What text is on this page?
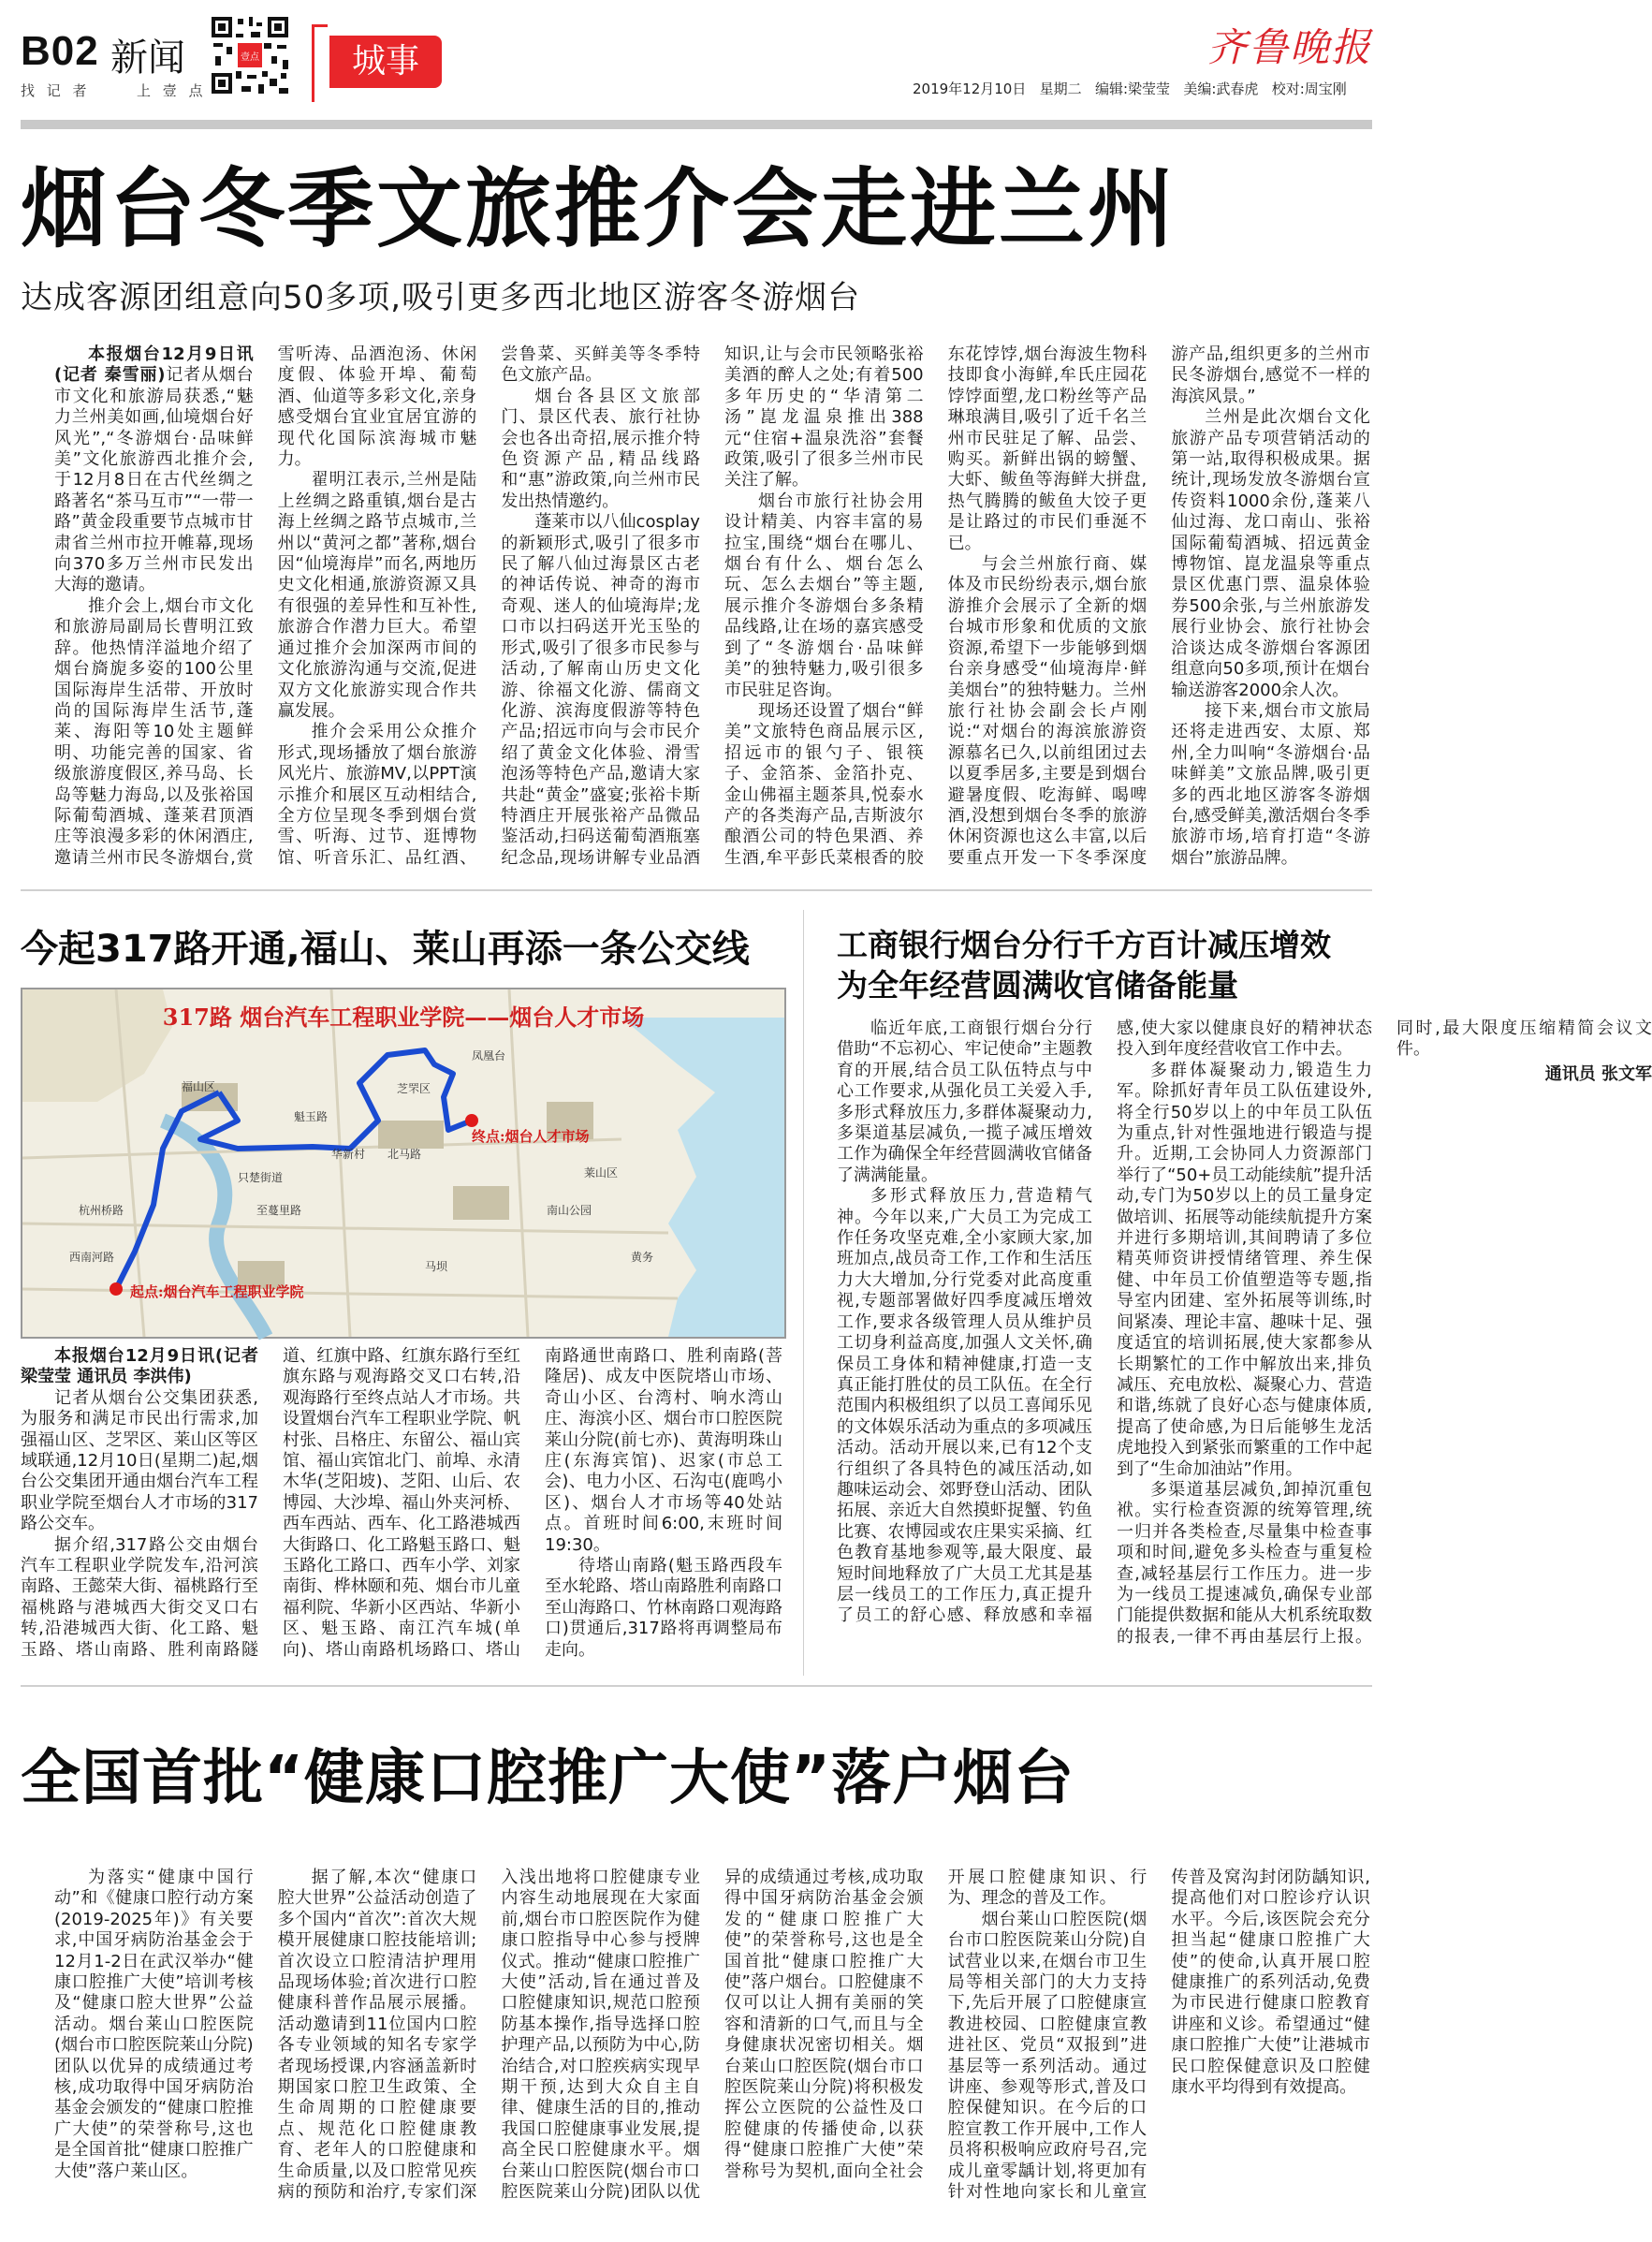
B02 新闻	壹点	城事
找 记 者	上 壹 点	2019年12月10日 星期二 编辑:梁莹莹 美编:武春虎 校对:周宝刚
齐鲁晚报
烟台冬季文旅推介会走进兰州
达成客源团组意向50多项,吸引更多西北地区游客冬游烟台

本报烟台12月9日讯(记者 秦雪丽)记者从烟台市文化和旅游局获悉,“魅力兰州美如画,仙境烟台好风光”,“冬游烟台·品味鲜美”文化旅游西北推介会,于12月8日在古代丝绸之路著名“茶马互市”“一带一路”黄金段重要节点城市甘肃省兰州市拉开帷幕,现场向370多万兰州市民发出大海的邀请。

推介会上,烟台市文化和旅游局副局长曹明江致辞。他热情洋溢地介绍了烟台旖旎多姿的100公里国际海岸生活带、开放时尚的国际海岸生活节,蓬莱、海阳等10处主题鲜明、功能完善的国家、省级旅游度假区,养马岛、长岛等魅力海岛,以及张裕国际葡萄酒城、蓬莱君顶酒庄等浪漫多彩的休闲酒庄,邀请兰州市民冬游烟台,赏雪听涛、品酒泡汤、休闲度假、体验开埠、葡萄酒、仙道等多彩文化,亲身感受烟台宜业宜居宜游的现代化国际滨海城市魅力。

翟明江表示,兰州是陆上丝绸之路重镇,烟台是古海上丝绸之路节点城市,兰州以“黄河之都”著称,烟台因“仙境海岸”而名,两地历史文化相通,旅游资源又具有很强的差异性和互补性,旅游合作潜力巨大。希望通过推介会加深两市间的文化旅游沟通与交流,促进双方文化旅游实现合作共赢发展。

推介会采用公众推介形式,现场播放了烟台旅游风光片、旅游MV,以PPT演示推介和展区互动相结合,全方位呈现冬季到烟台赏雪、听海、过节、逛博物馆、听音乐汇、品红酒、尝鲁菜、买鲜美等冬季特色文旅产品。

烟台各县区文旅部门、景区代表、旅行社协会也各出奇招,展示推介特色资源产品,精品线路和“惠”游政策,向兰州市民发出热情邀约。

蓬莱市以八仙cosplay的新颖形式,吸引了很多市民了解八仙过海景区古老的神话传说、神奇的海市奇观、迷人的仙境海岸;龙口市以扫码送开光玉坠的形式,吸引了很多市民参与活动,了解南山历史文化游、徐福文化游、儒商文化游、滨海度假游等特色产品;招远市向与会市民介绍了黄金文化体验、滑雪泡汤等特色产品,邀请大家共赴“黄金”盛宴;张裕卡斯特酒庄开展张裕产品微品鉴活动,扫码送葡萄酒瓶塞纪念品,现场讲解专业品酒知识,让与会市民领略张裕美酒的醉人之处;有着500多年历史的“华清第二汤”崑龙温泉推出388元“住宿+温泉洗浴”套餐政策,吸引了很多兰州市民关注了解。

烟台市旅行社协会用设计精美、内容丰富的易拉宝,围绕“烟台在哪儿、烟台有什么、烟台怎么玩、怎么去烟台”等主题,展示推介冬游烟台多条精品线路,让在场的嘉宾感受到了“冬游烟台·品味鲜美”的独特魅力,吸引很多市民驻足咨询。

现场还设置了烟台“鲜美”文旅特色商品展示区,招远市的银勺子、银筷子、金箔茶、金箔扑克、金山佛福主题茶具,悦泰水产的各类海产品,吉斯波尔酿酒公司的特色果酒、养生酒,牟平彭氏菜根香的胶东花饽饽,烟台海波生物科技即食小海鲜,牟氏庄园花饽饽面塑,龙口粉丝等产品琳琅满目,吸引了近千名兰州市民驻足了解、品尝、购买。新鲜出锅的螃蟹、大虾、鲅鱼等海鲜大拼盘,热气腾腾的鲅鱼大饺子更是让路过的市民们垂涎不已。

与会兰州旅行商、媒体及市民纷纷表示,烟台旅游推介会展示了全新的烟台城市形象和优质的文旅资源,希望下一步能够到烟台亲身感受“仙境海岸·鲜美烟台”的独特魅力。兰州旅行社协会副会长卢刚说:“对烟台的海滨旅游资源慕名已久,以前组团过去以夏季居多,主要是到烟台避暑度假、吃海鲜、喝啤酒,没想到烟台冬季的旅游休闲资源也这么丰富,以后要重点开发一下冬季深度游产品,组织更多的兰州市民冬游烟台,感觉不一样的海滨风景。”

兰州是此次烟台文化旅游产品专项营销活动的第一站,取得积极成果。据统计,现场发放冬游烟台宣传资料1000余份,蓬莱八仙过海、龙口南山、张裕国际葡萄酒城、招远黄金博物馆、崑龙温泉等重点景区优惠门票、温泉体验券500余张,与兰州旅游发展行业协会、旅行社协会洽谈达成冬游烟台客源团组意向50多项,预计在烟台输送游客2000余人次。

接下来,烟台市文旅局还将走进西安、太原、郑州,全力叫响“冬游烟台·品味鲜美”文旅品牌,吸引更多的西北地区游客冬游烟台,感受鲜美,激活烟台冬季旅游市场,培育打造“冬游烟台”旅游品牌。

今起317路开通,福山、莱山再添一条公交线
起点:烟台汽车工程职业学院
终点:烟台人才市场
福山区	芝罘区
莱山区
北马路
华新村
魁玉路
只楚街道
至蔓里路
杭州桥路
西南河路
凤凰台
南山公园
马坝
黄务
317路 烟台汽车工程职业学院——烟台人才市场

本报烟台12月9日讯(记者 梁莹莹 通讯员 李洪伟)

记者从烟台公交集团获悉,为服务和满足市民出行需求,加强福山区、芝罘区、莱山区等区域联通,12月10日(星期二)起,烟台公交集团开通由烟台汽车工程职业学院至烟台人才市场的317路公交车。

据介绍,317路公交由烟台汽车工程职业学院发车,沿河滨南路、王懿荣大街、福桃路行至福桃路与港城西大街交叉口右转,沿港城西大街、化工路、魁玉路、塔山南路、胜利南路隧道、红旗中路、红旗东路行至红旗东路与观海路交叉口右转,沿观海路行至终点站人才市场。共设置烟台汽车工程职业学院、帆村张、吕格庄、东留公、福山宾馆、福山宾馆北门、前埠、永清木华(芝阳坡)、芝阳、山后、农博园、大沙埠、福山外夹河桥、西车西站、西车、化工路港城西大街路口、化工路魁玉路口、魁玉路化工路口、西车小学、刘家南街、桦林颐和苑、烟台市儿童福利院、华新小区西站、华新小区、魁玉路、南江汽车城(单向)、塔山南路机场路口、塔山南路通世南路口、胜利南路(菩隆居)、成友中医院塔山市场、奇山小区、台湾村、响水湾山庄、海滨小区、烟台市口腔医院莱山分院(前七亦)、黄海明珠山庄(东海宾馆)、迟家(市总工会)、电力小区、石沟屯(鹿鸣小区)、烟台人才市场等40处站点。首班时间6:00,末班时间19:30。

待塔山南路(魁玉路西段车至水轮路、塔山南路胜利南路口至山海路口、竹林南路口观海路口)贯通后,317路将再调整局布走向。

工商银行烟台分行千方百计减压增效
为全年经营圆满收官储备能量

临近年底,工商银行烟台分行借助“不忘初心、牢记使命”主题教育的开展,结合员工队伍特点与中心工作要求,从强化员工关爱入手,多形式释放压力,多群体凝聚动力,多渠道基层减负,一揽子减压增效工作为确保全年经营圆满收官储备了满满能量。

多形式释放压力,营造精气神。今年以来,广大员工为完成工作任务攻坚克难,全小家顾大家,加班加点,战员奇工作,工作和生活压力大大增加,分行党委对此高度重视,专题部署做好四季度减压增效工作,要求各级管理人员从维护员工切身利益高度,加强人文关怀,确保员工身体和精神健康,打造一支真正能打胜仗的员工队伍。在全行范围内积极组织了以员工喜闻乐见的文体娱乐活动为重点的多项减压活动。活动开展以来,已有12个支行组织了各具特色的减压活动,如趣味运动会、郊野登山活动、团队拓展、亲近大自然摸虾捉蟹、钓鱼比赛、农博园或农庄果实采摘、红色教育基地参观等,最大限度、最短时间地释放了广大员工尤其是基层一线员工的工作压力,真正提升了员工的舒心感、释放感和幸福感,使大家以健康良好的精神状态投入到年度经营收官工作中去。

多群体凝聚动力,锻造生力军。除抓好青年员工队伍建设外,将全行50岁以上的中年员工队伍为重点,针对性强地进行锻造与提升。近期,工会协同人力资源部门举行了“50+员工动能续航”提升活动,专门为50岁以上的员工量身定做培训、拓展等动能续航提升方案并进行多期培训,其间聘请了多位精英师资讲授情绪管理、养生保健、中年员工价值塑造等专题,指导室内团建、室外拓展等训练,时间紧凑、理论丰富、趣味十足、强度适宜的培训拓展,使大家都参从长期繁忙的工作中解放出来,排负减压、充电放松、凝聚心力、营造和谐,练就了良好心态与健康体质,提高了使命感,为日后能够生龙活虎地投入到紧张而繁重的工作中起到了“生命加油站”作用。

多渠道基层减负,卸掉沉重包袱。实行检查资源的统筹管理,统一归并各类检查,尽量集中检查事项和时间,避免多头检查与重复检查,减轻基层行工作压力。进一步为一线员工提速减负,确保专业部门能提供数据和能从大机系统取数的报表,一律不再由基层行上报。同时,最大限度压缩精简会议文件。

通讯员 张文军
全国首批“健康口腔推广大使”落户烟台

为落实“健康中国行动”和《健康口腔行动方案(2019-2025年)》有关要求,中国牙病防治基金会于12月1-2日在武汉举办“健康口腔推广大使”培训考核及“健康口腔大世界”公益活动。烟台莱山口腔医院(烟台市口腔医院莱山分院)团队以优异的成绩通过考核,成功取得中国牙病防治基金会颁发的“健康口腔推广大使”的荣誉称号,这也是全国首批“健康口腔推广大使”落户莱山区。

据了解,本次“健康口腔大世界”公益活动创造了多个国内“首次”:首次大规模开展健康口腔技能培训;首次设立口腔清洁护理用品现场体验;首次进行口腔健康科普作品展示展播。活动邀请到11位国内口腔各专业领域的知名专家学者现场授课,内容涵盖新时期国家口腔卫生政策、全生命周期的口腔健康要点、规范化口腔健康教育、老年人的口腔健康和生命质量,以及口腔常见疾病的预防和治疗,专家们深入浅出地将口腔健康专业内容生动地展现在大家面前,烟台市口腔医院作为健康口腔指导中心参与授牌仪式。推动“健康口腔推广大使”活动,旨在通过普及口腔健康知识,规范口腔预防基本操作,指导选择口腔护理产品,以预防为中心,防治结合,对口腔疾病实现早期干预,达到大众自主自律、健康生活的目的,推动我国口腔健康事业发展,提高全民口腔健康水平。烟台莱山口腔医院(烟台市口腔医院莱山分院)团队以优异的成绩通过考核,成功取得中国牙病防治基金会颁发的“健康口腔推广大使”的荣誉称号,这也是全国首批“健康口腔推广大使”落户烟台。口腔健康不仅可以让人拥有美丽的笑容和清新的口气,而且与全身健康状况密切相关。烟台莱山口腔医院(烟台市口腔医院莱山分院)将积极发挥公立医院的公益性及口腔健康的传播使命,以获得“健康口腔推广大使”荣誉称号为契机,面向全社会开展口腔健康知识、行为、理念的普及工作。

烟台莱山口腔医院(烟台市口腔医院莱山分院)自试营业以来,在烟台市卫生局等相关部门的大力支持下,先后开展了口腔健康宣教进校园、口腔健康宣教进社区、党员“双报到”进基层等一系列活动。通过讲座、参观等形式,普及口腔保健知识。在今后的口腔宣教工作开展中,工作人员将积极响应政府号召,完成儿童零龋计划,将更加有针对性地向家长和儿童宣传普及窝沟封闭防龋知识,提高他们对口腔诊疗认识水平。今后,该医院会充分担当起“健康口腔推广大使”的使命,认真开展口腔健康推广的系列活动,免费为市民进行健康口腔教育讲座和义诊。希望通过“健康口腔推广大使”让港城市民口腔保健意识及口腔健康水平均得到有效提高。
